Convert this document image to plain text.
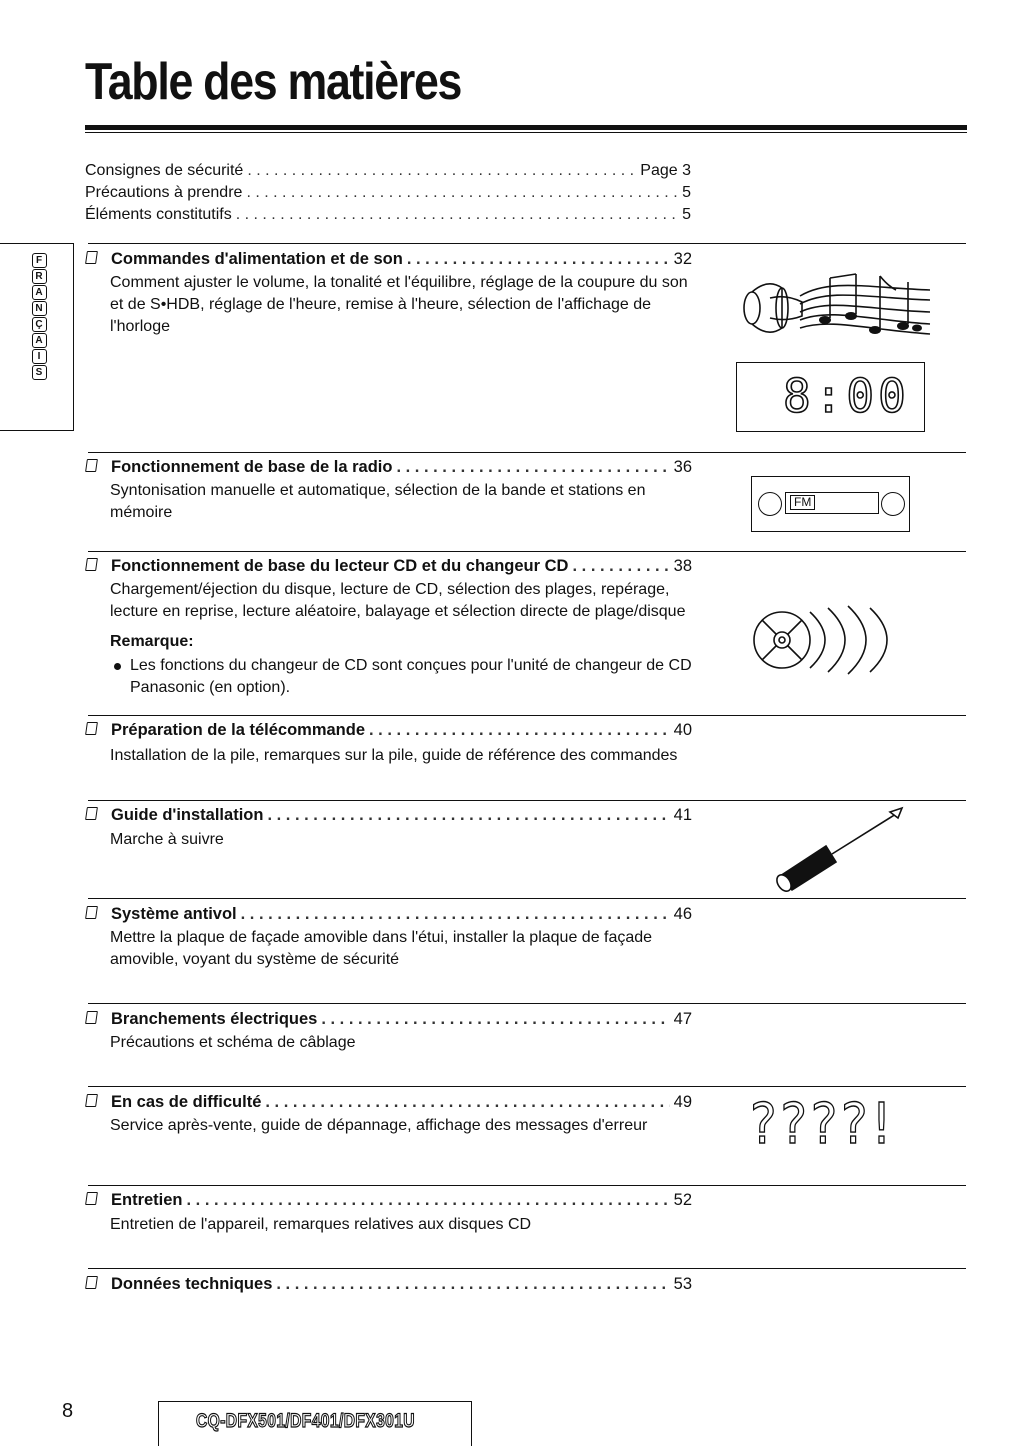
Table des matières
Consignes de sécurité . . .	Page 3
Précautions à prendre . . .	5
Éléments constitutifs . . .	5
F
R
A
N
Ç
A
I
S
Commandes d'alimentation et de son . . .	32
Comment ajuster le volume, la tonalité et l'équilibre, réglage de la coupure du son et de S•HDB, réglage de l'heure, remise à l'heure, sélection de l'affichage de l'horloge
Fonctionnement de base de la radio . . .	36
Syntonisation manuelle et automatique, sélection de la bande et stations en mémoire
Fonctionnement de base du lecteur CD et du changeur CD . . .	38
Chargement/éjection du disque, lecture de CD, sélection des plages, repérage, lecture en reprise, lecture aléatoire, balayage et sélection directe de plage/disque
Remarque:
Les fonctions du changeur de CD sont conçues pour l'unité de changeur de CD Panasonic (en option).
Préparation de la télécommande . . .	40
Installation de la pile, remarques sur la pile, guide de référence des commandes
Guide d'installation . . .	41
Marche à suivre
Système antivol . . .	46
Mettre la plaque de façade amovible dans l'étui, installer la plaque de façade amovible, voyant du système de sécurité
Branchements électriques . . .	47
Précautions et schéma de câblage
En cas de difficulté . . .	49
Service après-vente, guide de dépannage, affichage des messages d'erreur
Entretien . . .	52
Entretien de l'appareil, remarques relatives aux disques CD
Données techniques . . .	53
8:00
FM
????!
8	CQ-DFX501/DF401/DFX301U
